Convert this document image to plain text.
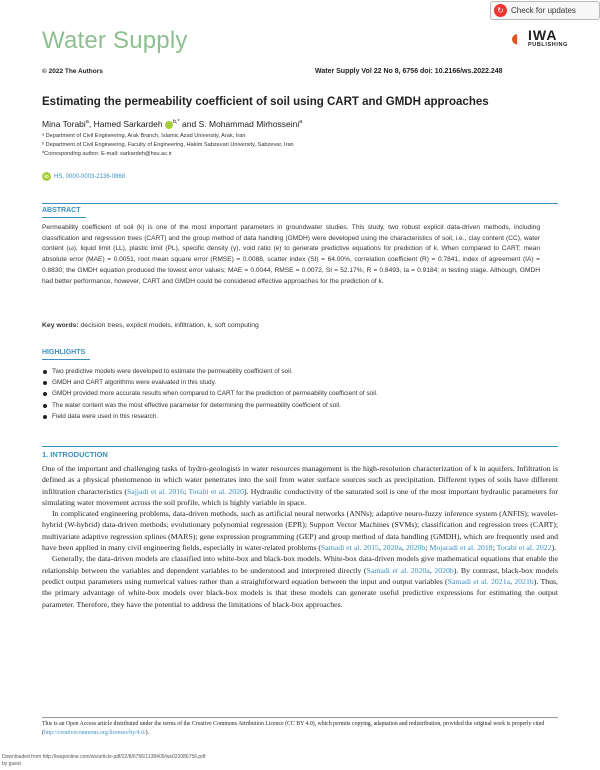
Water Supply
↻ Check for updates
◐ IWA
PUBLISHING
© 2022 The Authors	Water Supply Vol 22 No 8, 6756 doi: 10.2166/ws.2022.248
Estimating the permeability coefficient of soil using CART and GMDH approaches
Mina Torabi$^a$, Hamed Sarkardeh $^{b,*}$ and S. Mohammad Mirhosseini$^a$
ᵃ Department of Civil Engineering, Arak Branch, Islamic Azad University, Arak, Iran
ᵇ Department of Civil Engineering, Faculty of Engineering, Hakim Sabzevari University, Sabzevar, Iran
*Corresponding author. E-mail: sarkardeh@hsu.ac.ir
iD HS, 0000-0003-2136-0868
ABSTRACT
Permeability coefficient of soil (k) is one of the most important parameters in groundwater studies. This study, two robust explicit data-driven methods, including classification and regression trees (CART) and the group method of data handling (GMDH) were developed using the characteristics of soil, i.e., clay content (CC), water content (ω), liquid limit (LL), plastic limit (PL), specific density (γ), void ratio (e) to generate predictive equations for prediction of k. When compared to CART; mean absolute error (MAE) = 0.0051, root mean square error (RMSE) = 0.0088, scatter index (SI) = 64.00%, correlation coefficient (R) = 0.7841, index of agreement (IA) = 0.8830; the GMDH equation produced the lowest error values; MAE = 0.0044, RMSE = 0.0072, SI = 52.17%, R = 0.8493, Ia = 0.9184; in testing stage. Although, GMDH had better performance, however, CART and GMDH could be considered effective approaches for the prediction of k.
Key words: decision trees, explicit models, infiltration, k, soft computing
HIGHLIGHTS
Two predictive models were developed to estimate the permeability coefficient of soil.
GMDH and CART algorithms were evaluated in this study.
GMDH provided more accurate results when compared to CART for the prediction of permeability coefficient of soil.
The water content was the most effective parameter for determining the permeability coefficient of soil.
Field data were used in this research.
1. INTRODUCTION

One of the important and challenging tasks of hydro-geologists in water resources management is the high-resolution characterization of k in aquifers. Infiltration is defined as a physical phenomenon in which water penetrates into the soil from water surface sources such as precipitation. Different types of soils have different infiltration characteristics (Sajjadi et al. 2016; Torabi et al. 2020). Hydraulic conductivity of the saturated soil is one of the most important hydraulic parameters for simulating water movement across the soil profile, which is highly variable in space.

In complicated engineering problems, data-driven methods, such as artificial neural networks (ANNs); adaptive neuro-fuzzy inference system (ANFIS); wavelet-hybrid (W-hybrid) data-driven methods; evolutionary polynomial regression (EPR); Support Vector Machines (SVMs); classification and regression trees (CART); multivariate adaptive regression splines (MARS); gene expression programming (GEP) and group method of data handling (GMDH), which are frequently used and have been applied in many civil engineering fields, especially in water-related problems (Samadi et al. 2015, 2020a, 2020b; Mojaradi et al. 2018; Torabi et al. 2022).

Generally, the data-driven models are classified into white-box and black-box models. White-box data-driven models give mathematical equations that enable the relationship between the variables and dependent variables to be understood and interpreted directly (Samadi et al. 2020a, 2020b). By contrast, black-box models predict output parameters using numerical values rather than a straightforward equation between the input and output variables (Samadi et al. 2021a, 2021b). Thus, the primary advantage of white-box models over black-box models is that these models can generate useful predictive expressions for estimating the output parameter. Therefore, they have the potential to address the limitations of black-box approaches.

This is an Open Access article distributed under the terms of the Creative Commons Attribution Licence (CC BY 4.0), which permits copying, adaptation and redistribution, provided the original work is properly cited (http://creativecommons.org/licenses/by/4.0/).
Downloaded from http://iwaponline.com/ws/article-pdf/22/8/6756/1138409/ws022086756.pdf
by guest
